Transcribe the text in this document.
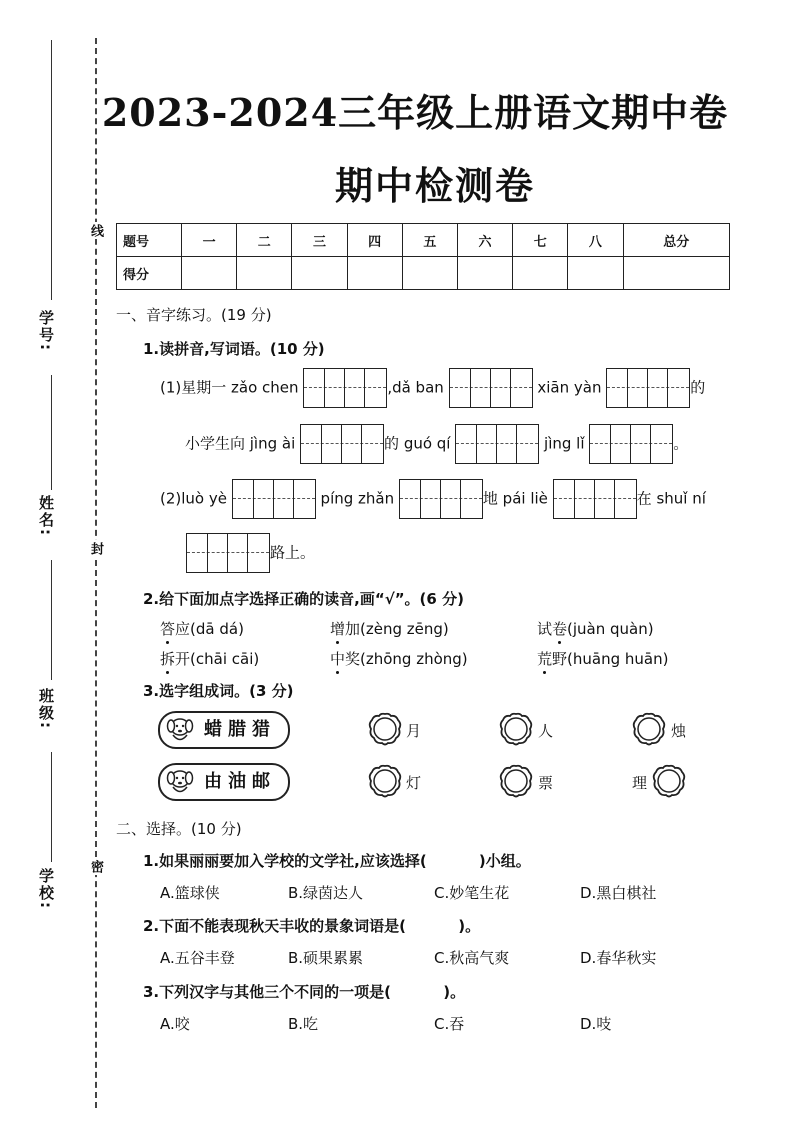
线
封
密
学号:
姓名:
班级:
学校:
2023-2024三年级上册语文期中卷
期中检测卷
题号	一	二	三	四	五	六	七	八	总分
得分									
一、音字练习。(19 分)
1.读拼音,写词语。(10 分)
(1)星期一 zǎo chen	,dǎ ban	xiān yàn	的
小学生向 jìng ài	的 guó qí	jìng lǐ	。
(2)luò yè	píng zhǎn	地 pái liè	在 shuǐ ní
路上。
2.给下面加点字选择正确的读音,画“√”。(6 分)
答应(dā dá)	增加(zèng zēng)	试卷(juàn quàn)
拆开(chāi cāi)	中奖(zhōng zhòng)	荒野(huāng huān)
3.选字组成词。(3 分)
蜡腊猎
由油邮
月	人	烛
灯	票	理
二、选择。(10 分)
1.如果丽丽要加入学校的文学社,应该选择(          )小组。
A.篮球侠	B.绿茵达人	C.妙笔生花	D.黑白棋社
2.下面不能表现秋天丰收的景象词语是(          )。
A.五谷丰登	B.硕果累累	C.秋高气爽	D.春华秋实
3.下列汉字与其他三个不同的一项是(          )。
A.咬	B.吃	C.吞	D.吱
